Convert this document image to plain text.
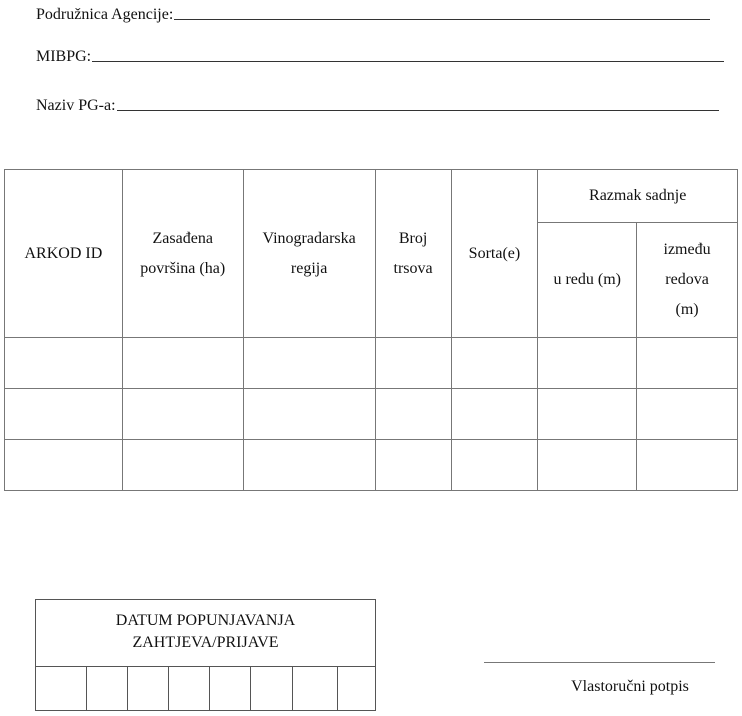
Podružnica Agencije:
MIBPG:
Naziv PG-a:
ARKOD ID	Zasađena površina (ha)	Vinogradarska regija	Broj trsova	Sorta(e)	Razmak sadnje	
					u redu (m)	između redova (m)

DATUM POPUNJAVANJA
ZAHTJEVA/PRIJAVE
Vlastoručni potpis
